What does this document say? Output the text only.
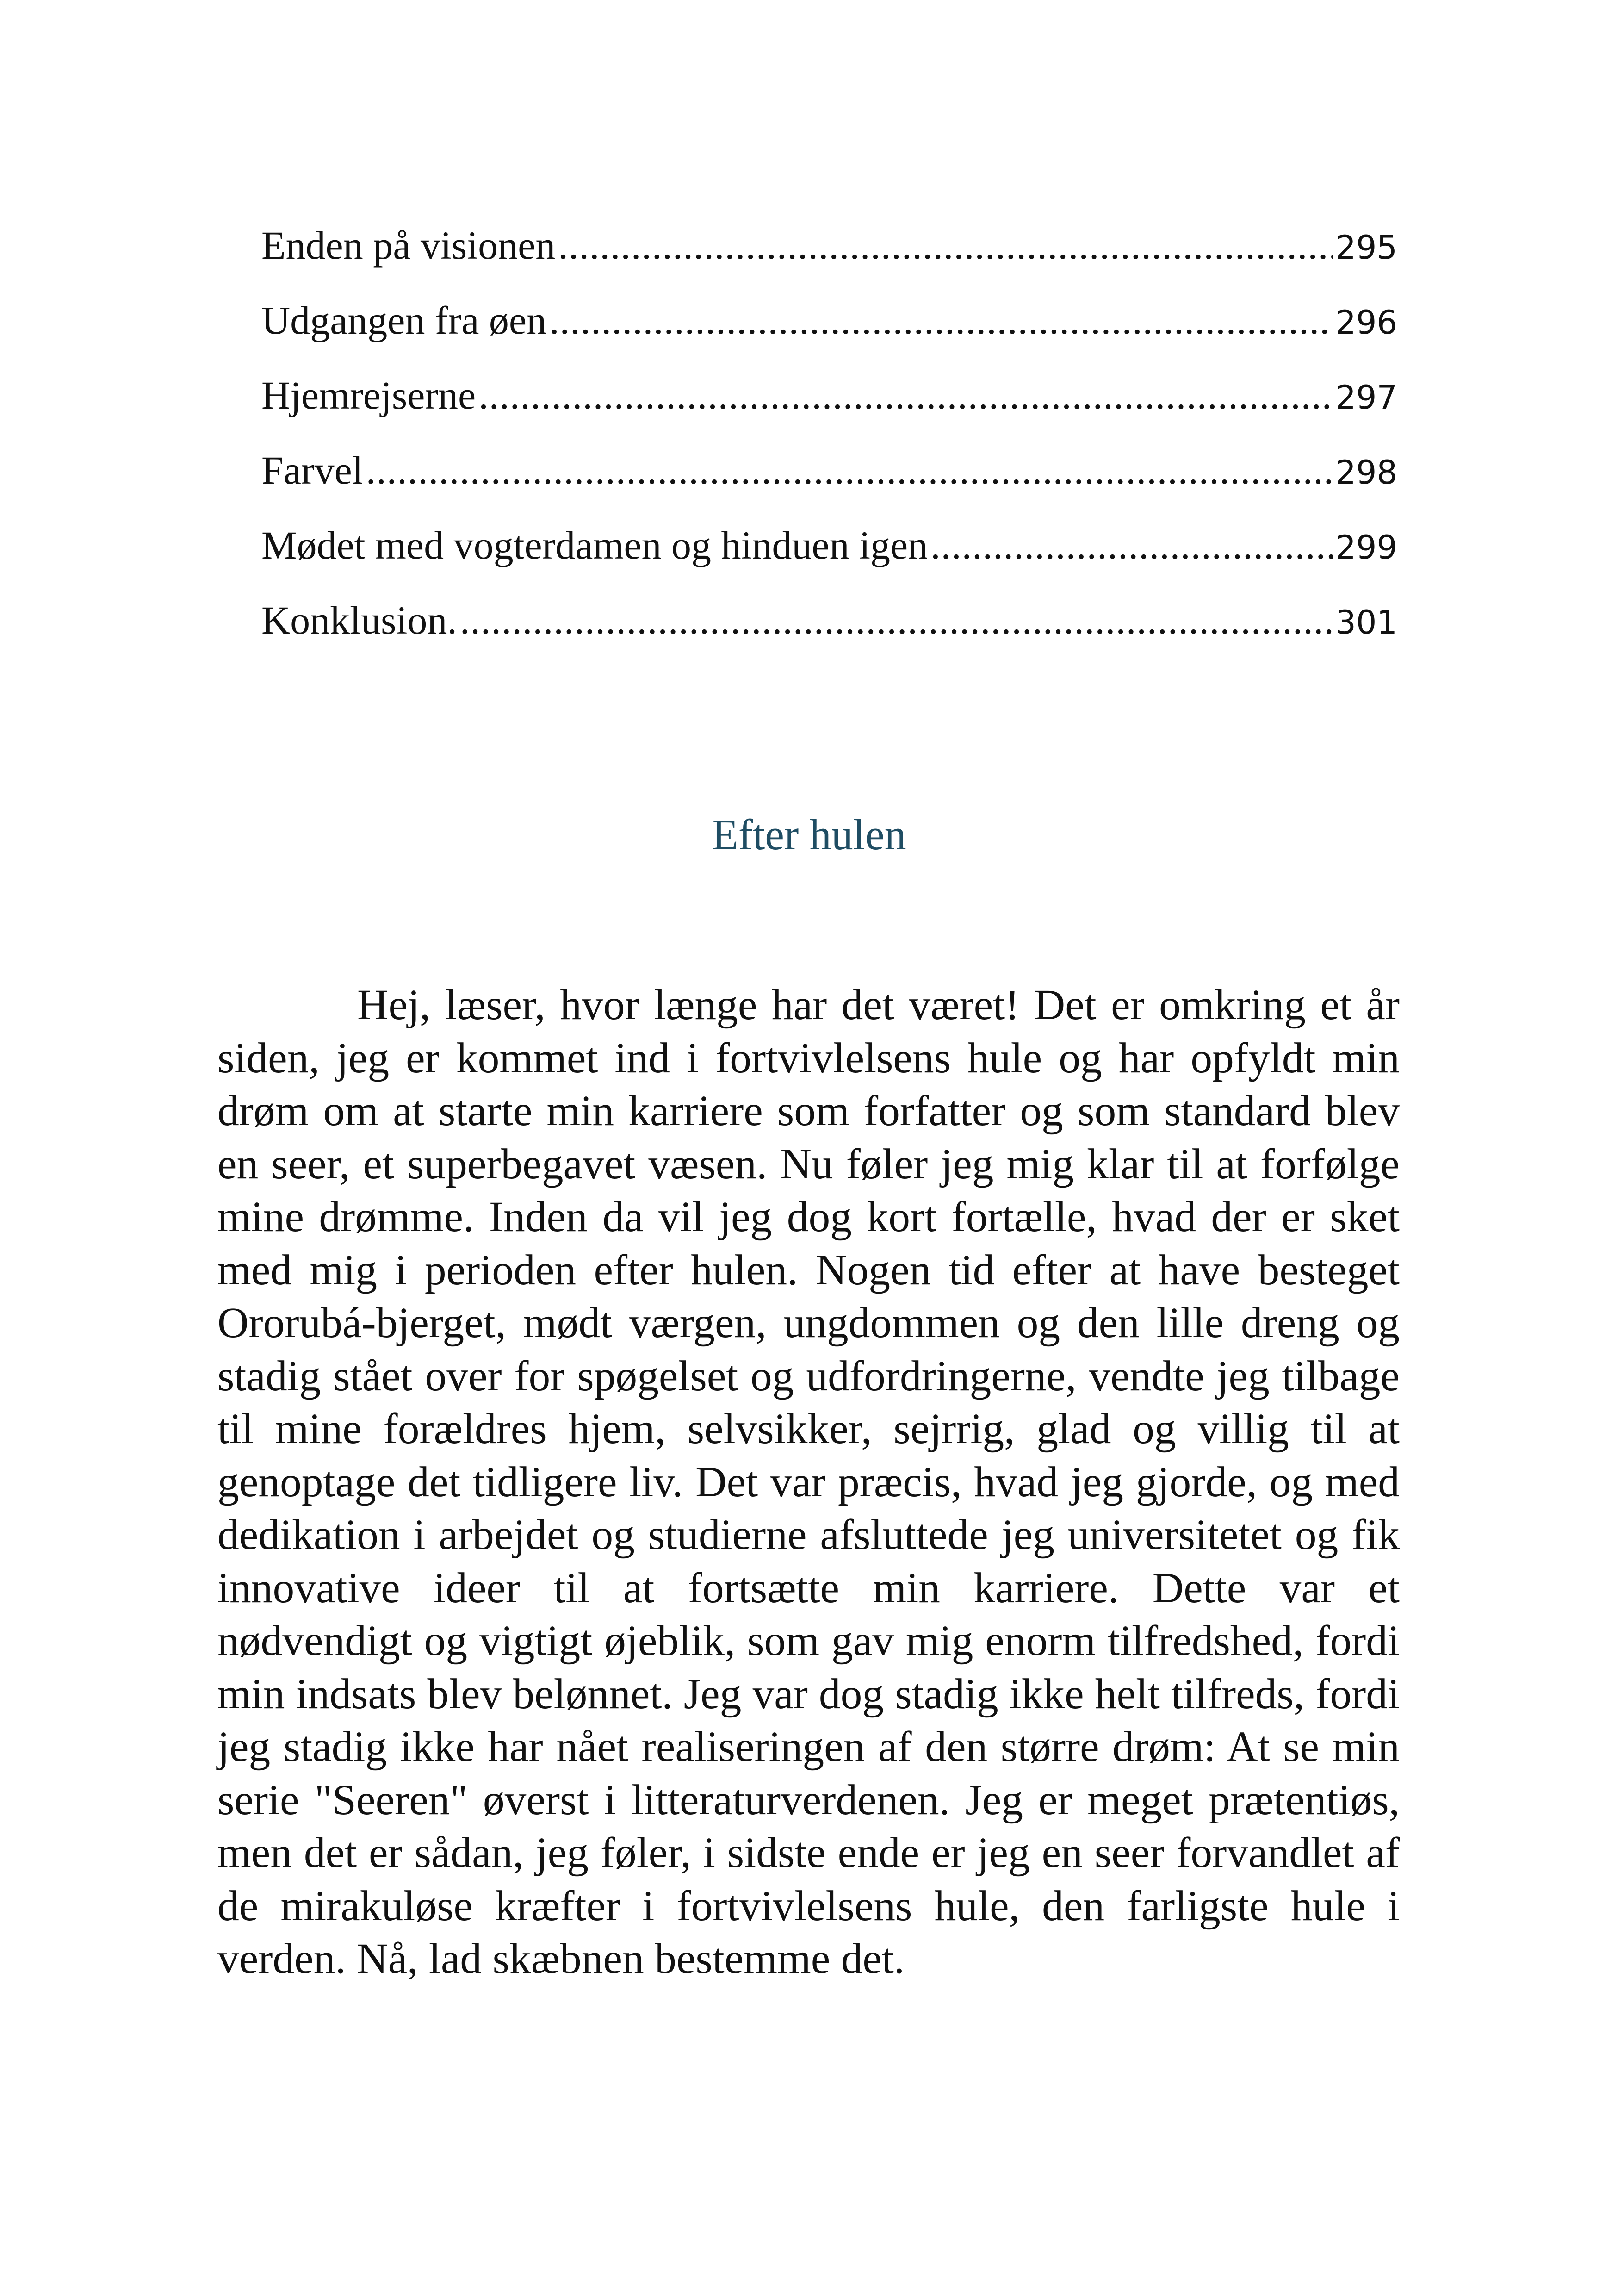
Enden på visionen .....	295
Udgangen fra øen .....	296
Hjemrejserne .....	297
Farvel .....	298
Mødet med vogterdamen og hinduen igen .....	299
Konklusion. .....	301
Efter hulen

Hej, læser, hvor længe har det været! Det er omkring et år siden, jeg er kommet ind i fortvivlelsens hule og har opfyldt min drøm om at starte min karriere som forfatter og som standard blev en seer, et superbegavet væsen. Nu føler jeg mig klar til at forfølge mine drømme. Inden da vil jeg dog kort fortælle, hvad der er sket med mig i perioden efter hulen. Nogen tid efter at have besteget Ororubá-bjerget, mødt værgen, ungdommen og den lille dreng og stadig stået over for spøgelset og udfordringerne, vendte jeg tilbage til mine forældres hjem, selvsikker, sejrrig, glad og villig til at genoptage det tidligere liv. Det var præcis, hvad jeg gjorde, og med dedikation i arbejdet og studierne afsluttede jeg universitetet og fik innovative ideer til at fortsætte min karriere. Dette var et nødvendigt og vigtigt øjeblik, som gav mig enorm tilfredshed, fordi min indsats blev belønnet. Jeg var dog stadig ikke helt tilfreds, fordi jeg stadig ikke har nået realiseringen af den større drøm: At se min serie "Seeren" øverst i litteraturverdenen. Jeg er meget prætentiøs, men det er sådan, jeg føler, i sidste ende er jeg en seer forvandlet af de mirakuløse kræfter i fortvivlelsens hule, den farligste hule i verden. Nå, lad skæbnen bestemme det.
